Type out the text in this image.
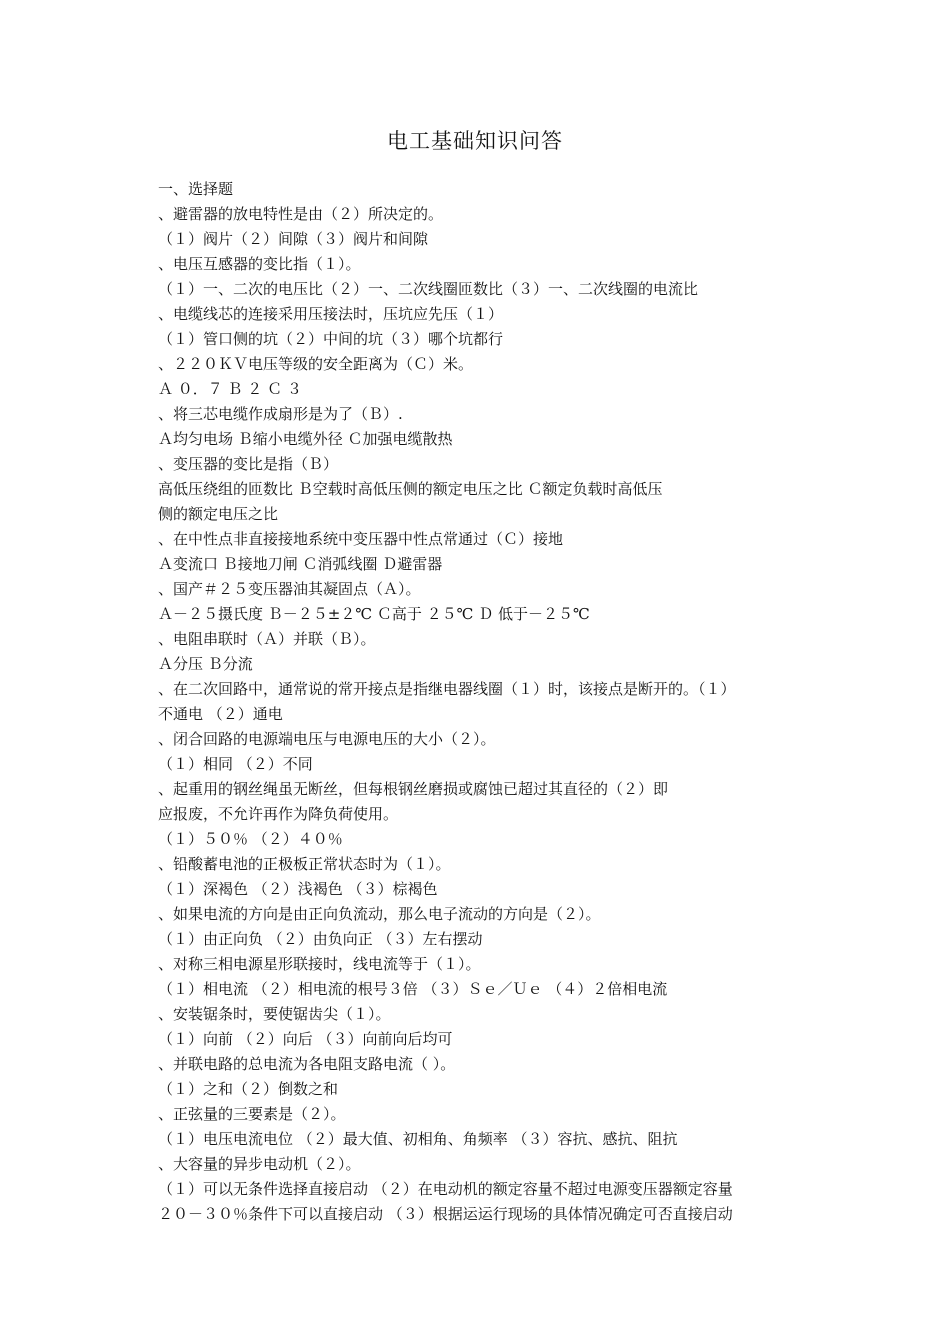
电工基础知识问答
一、选择题
、避雷器的放电特性是由（２）所决定的。
（１）阀片（２）间隙（３）阀片和间隙
、电压互感器的变比指（１）。
（１）一、二次的电压比（２）一、二次线圈匝数比（３）一、二次线圈的电流比
、电缆线芯的连接采用压接法时，压坑应先压（１）
（１）管口侧的坑（２）中间的坑（３）哪个坑都行
、２２０ＫＶ电压等级的安全距离为（Ｃ）米。
Ａ ０．７ Ｂ ２ Ｃ ３
、将三芯电缆作成扇形是为了（Ｂ）.
Ａ均匀电场 Ｂ缩小电缆外径 Ｃ加强电缆散热
、变压器的变比是指（Ｂ）
高低压绕组的匝数比 Ｂ空载时高低压侧的额定电压之比 Ｃ额定负载时高低压
侧的额定电压之比
、在中性点非直接接地系统中变压器中性点常通过（Ｃ）接地
Ａ变流口 Ｂ接地刀闸 Ｃ消弧线圈 Ｄ避雷器
、国产＃２５变压器油其凝固点（Ａ）。
Ａ－２５摄氏度 Ｂ－２５±２℃ Ｃ高于 ２５℃ Ｄ 低于－２５℃
、电阻串联时（Ａ）并联（Ｂ）。
Ａ分压 Ｂ分流
、在二次回路中，通常说的常开接点是指继电器线圈（１）时，该接点是断开的。（１）
不通电 （２）通电
、闭合回路的电源端电压与电源电压的大小（２）。
（１）相同 （２）不同
、起重用的钢丝绳虽无断丝，但每根钢丝磨损或腐蚀已超过其直径的（２）即
应报废，不允许再作为降负荷使用。
（１）５０％ （２）４０％
、铅酸蓄电池的正极板正常状态时为（１）。
（１）深褐色 （２）浅褐色 （３）棕褐色
、如果电流的方向是由正向负流动，那么电子流动的方向是（２）。
（１）由正向负 （２）由负向正 （３）左右摆动
、对称三相电源星形联接时，线电流等于（１）。
（１）相电流 （２）相电流的根号３倍 （３）Ｓｅ／Ｕｅ （４）２倍相电流
、安装锯条时，要使锯齿尖（１）。
（１）向前 （２）向后 （３）向前向后均可
、并联电路的总电流为各电阻支路电流（ ）。
（１）之和（２）倒数之和
、正弦量的三要素是（２）。
（１）电压电流电位 （２）最大值、初相角、角频率 （３）容抗、感抗、阻抗
、大容量的异步电动机（２）。
（１）可以无条件选择直接启动 （２）在电动机的额定容量不超过电源变压器额定容量
２０－３０％条件下可以直接启动 （３）根据运运行现场的具体情况确定可否直接启动
